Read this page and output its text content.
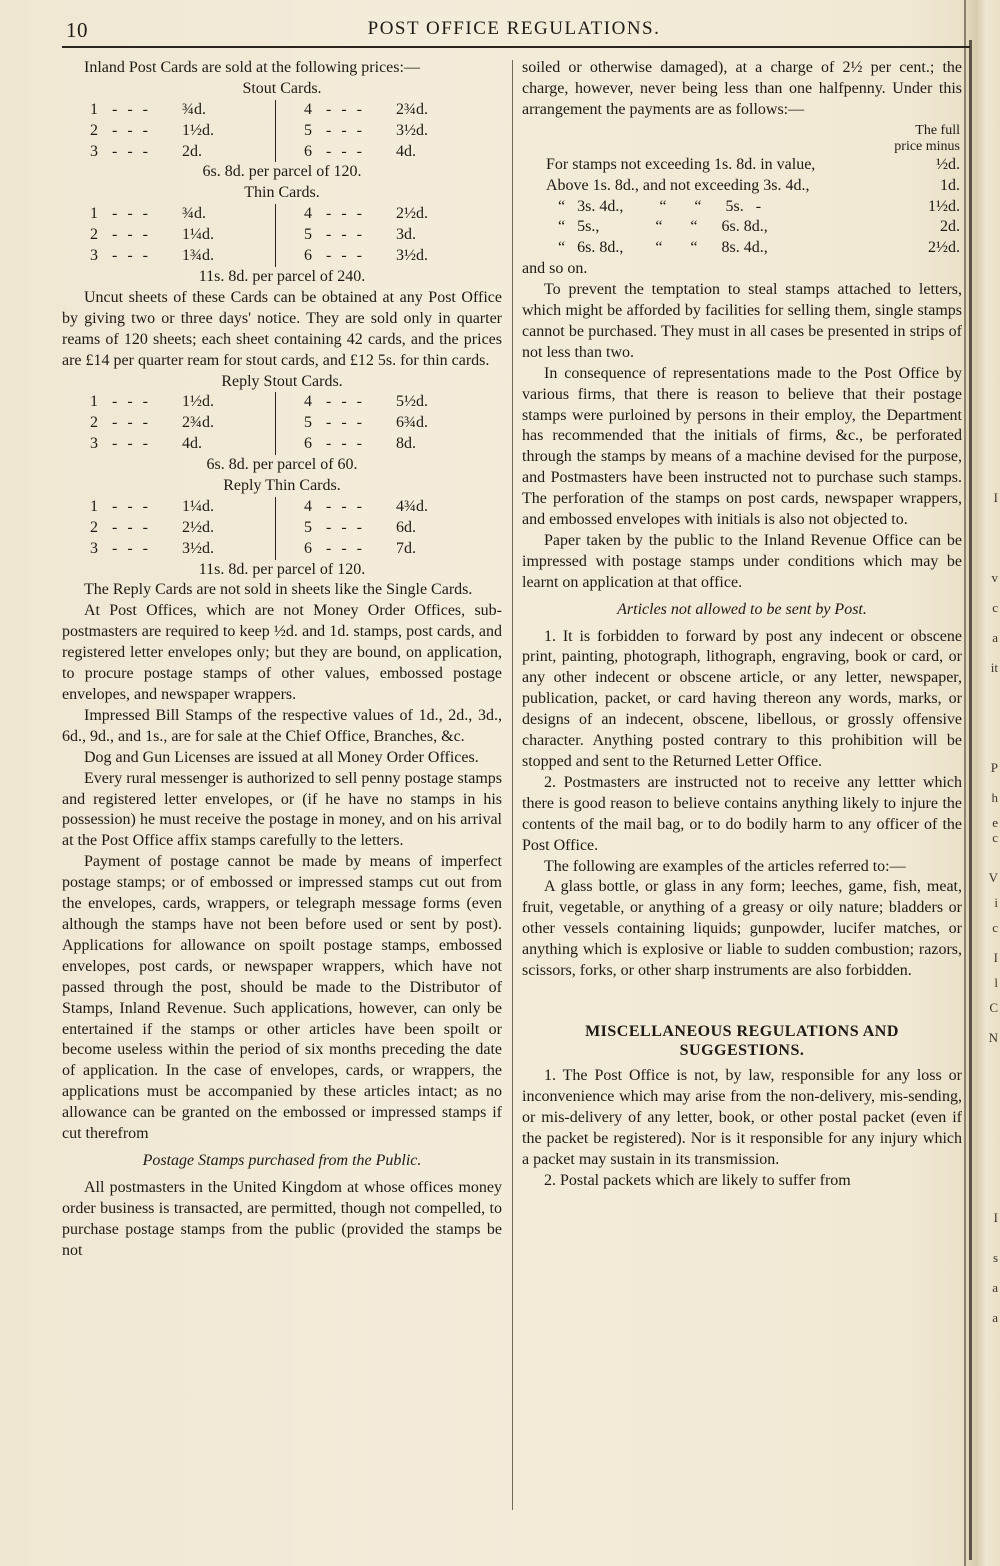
I
v
c
a
it
P
h
e
c
V
i
c
I
l
C
N
I
s
a
a
10	POST OFFICE REGULATIONS.

Inland Post Cards are sold at the following prices:—

Stout Cards.
1 - - -	¾d.	4 - - -	2¾d.
2 - - -	1½d.	5 - - -	3½d.
3 - - -	2d.	6 - - -	4d.
6s. 8d. per parcel of 120.
Thin Cards.
1 - - -	¾d.	4 - - -	2½d.
2 - - -	1¼d.	5 - - -	3d.
3 - - -	1¾d.	6 - - -	3½d.
11s. 8d. per parcel of 240.

Uncut sheets of these Cards can be obtained at any Post Office by giving two or three days' notice. They are sold only in quarter reams of 120 sheets; each sheet containing 42 cards, and the prices are £14 per quarter ream for stout cards, and £12 5s. for thin cards.

Reply Stout Cards.
1 - - -	1½d.	4 - - -	5½d.
2 - - -	2¾d.	5 - - -	6¾d.
3 - - -	4d.	6 - - -	8d.
6s. 8d. per parcel of 60.
Reply Thin Cards.
1 - - -	1¼d.	4 - - -	4¾d.
2 - - -	2½d.	5 - - -	6d.
3 - - -	3½d.	6 - - -	7d.
11s. 8d. per parcel of 120.

The Reply Cards are not sold in sheets like the Single Cards.

At Post Offices, which are not Money Order Offices, sub-postmasters are required to keep ½d. and 1d. stamps, post cards, and registered letter envelopes only; but they are bound, on application, to procure postage stamps of other values, embossed postage envelopes, and newspaper wrappers.

Impressed Bill Stamps of the respective values of 1d., 2d., 3d., 6d., 9d., and 1s., are for sale at the Chief Office, Branches, &c.

Dog and Gun Licenses are issued at all Money Order Offices.

Every rural messenger is authorized to sell penny postage stamps and registered letter envelopes, or (if he have no stamps in his possession) he must receive the postage in money, and on his arrival at the Post Office affix stamps carefully to the letters.

Payment of postage cannot be made by means of imperfect postage stamps; or of embossed or impressed stamps cut out from the envelopes, cards, wrappers, or telegraph message forms (even although the stamps have not been before used or sent by post). Applications for allowance on spoilt postage stamps, embossed envelopes, post cards, or newspaper wrappers, which have not passed through the post, should be made to the Distributor of Stamps, Inland Revenue. Such applications, however, can only be entertained if the stamps or other articles have been spoilt or become useless within the period of six months preceding the date of application. In the case of envelopes, cards, or wrappers, the applications must be accompanied by these articles intact; as no allowance can be granted on the embossed or impressed stamps if cut therefrom

Postage Stamps purchased from the Public.

All postmasters in the United Kingdom at whose offices money order business is transacted, are permitted, though not compelled, to purchase postage stamps from the public (provided the stamps be not

soiled or otherwise damaged), at a charge of 2½ per cent.; the charge, however, never being less than one halfpenny. Under this arrangement the payments are as follows:—

The full
price minus
For stamps not exceeding 1s. 8d. in value,	½d.
Above 1s. 8d., and not exceeding 3s. 4d.,	1d.
“   3s. 4d.,         “       “      5s.   -	1½d.
“   5s.,              “       “      6s. 8d.,	2d.
“   6s. 8d.,        “       “      8s. 4d.,	2½d.

and so on.

To prevent the temptation to steal stamps attached to letters, which might be afforded by facilities for selling them, single stamps cannot be purchased. They must in all cases be presented in strips of not less than two.

In consequence of representations made to the Post Office by various firms, that there is reason to believe that their postage stamps were purloined by persons in their employ, the Department has recommended that the initials of firms, &c., be perforated through the stamps by means of a machine devised for the purpose, and Postmasters have been instructed not to purchase such stamps. The perforation of the stamps on post cards, newspaper wrappers, and embossed envelopes with initials is also not objected to.

Paper taken by the public to the Inland Revenue Office can be impressed with postage stamps under conditions which may be learnt on application at that office.

Articles not allowed to be sent by Post.

1. It is forbidden to forward by post any indecent or obscene print, painting, photograph, lithograph, engraving, book or card, or any other indecent or obscene article, or any letter, newspaper, publication, packet, or card having thereon any words, marks, or designs of an indecent, obscene, libellous, or grossly offensive character. Anything posted contrary to this prohibition will be stopped and sent to the Returned Letter Office.

2. Postmasters are instructed not to receive any lettter which there is good reason to believe contains anything likely to injure the contents of the mail bag, or to do bodily harm to any officer of the Post Office.

The following are examples of the articles referred to:—

A glass bottle, or glass in any form; leeches, game, fish, meat, fruit, vegetable, or anything of a greasy or oily nature; bladders or other vessels containing liquids; gunpowder, lucifer matches, or anything which is explosive or liable to sudden combustion; razors, scissors, forks, or other sharp instruments are also forbidden.

MISCELLANEOUS REGULATIONS AND SUGGESTIONS.

1. The Post Office is not, by law, responsible for any loss or inconvenience which may arise from the non-delivery, mis-sending, or mis-delivery of any letter, book, or other postal packet (even if the packet be registered). Nor is it responsible for any injury which a packet may sustain in its transmission.

2. Postal packets which are likely to suffer from
